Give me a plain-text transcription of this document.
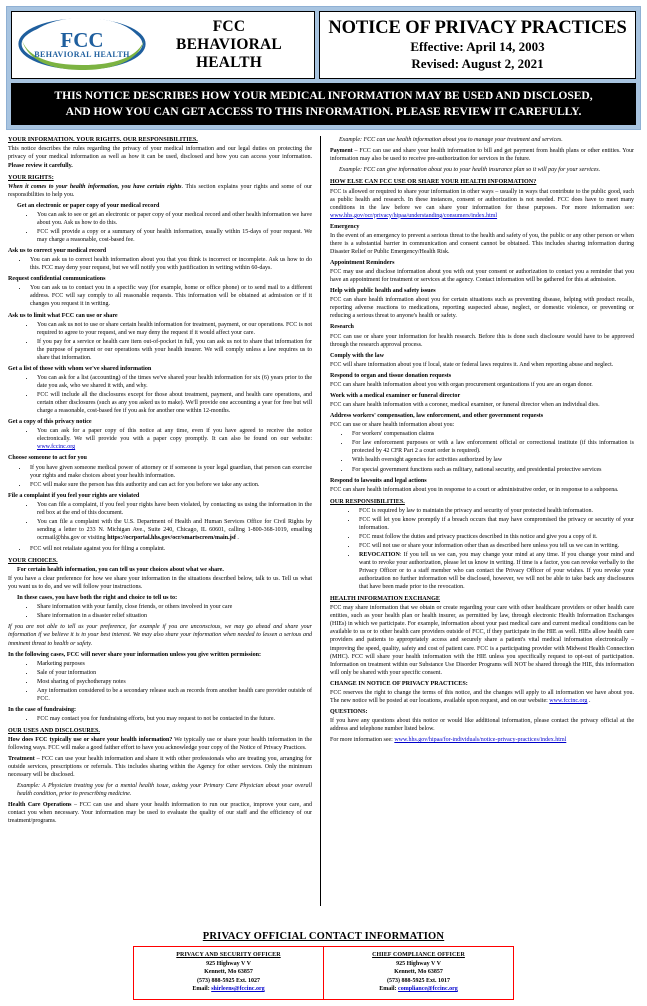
FCC
BEHAVIORAL HEALTH
FCC
BEHAVIORAL
HEALTH
NOTICE OF PRIVACY PRACTICES
Effective: April 14, 2003
Revised: August 2, 2021
THIS NOTICE DESCRIBES HOW YOUR MEDICAL INFORMATION MAY BE USED AND DISCLOSED,
AND HOW YOU CAN GET ACCESS TO THIS INFORMATION. PLEASE REVIEW IT CAREFULLY.
YOUR INFORMATION. YOUR RIGHTS. OUR RESPONSIBILITIES.

This notice describes the rules regarding the privacy of your medical information and our legal duties on protecting the privacy of your medical information as well as how it can be used, disclosed and how you can access your information. Please review it carefully.

YOUR RIGHTS:

When it comes to your health information, you have certain rights. This section explains your rights and some of our responsibilities to help you.

Get an electronic or paper copy of your medical record
• You can ask to see or get an electronic or paper copy of your medical record and other health information we have about you. Ask us how to do this.
• FCC will provide a copy or a summary of your health information, usually within 15-days of your request. We may charge a reasonable, cost-based fee.
Ask us to correct your medical record
• You can ask us to correct health information about you that you think is incorrect or incomplete. Ask us how to do this. FCC may deny your request, but we will notify you with justification in writing within 60-days.
Request confidential communications
• You can ask us to contact you in a specific way (for example, home or office phone) or to send mail to a different address. FCC will say comply to all reasonable requests. This information will be obtained at admission or if it changes you request it in writing.
Ask us to limit what FCC can use or share
• You can ask us not to use or share certain health information for treatment, payment, or our operations. FCC is not required to agree to your request, and we may deny the request if it would affect your care.
• If you pay for a service or health care item out-of-pocket in full, you can ask us not to share that information for the purpose of payment or our operations with your health insurer. We will comply unless a law requires us to share that information.
Get a list of those with whom we've shared information
• You can ask for a list (accounting) of the times we've shared your health information for six (6) years prior to the date you ask, who we shared it with, and why.
• FCC will include all the disclosures except for those about treatment, payment, and health care operations, and certain other disclosures (such as any you asked us to make). We'll provide one accounting a year for free but will charge a reasonable, cost-based fee if you ask for another one within 12-months.
Get a copy of this privacy notice
• You can ask for a paper copy of this notice at any time, even if you have agreed to receive the notice electronically. We will provide you with a paper copy promptly. It can also be found on our website: www.fccinc.org
Choose someone to act for you
• If you have given someone medical power of attorney or if someone is your legal guardian, that person can exercise your rights and make choices about your health information.
• FCC will make sure the person has this authority and can act for you before we take any action.
File a complaint if you feel your rights are violated
• You can file a complaint, if you feel your rights have been violated, by contacting us using the information in the red box at the end of this document.
• You can file a complaint with the U.S. Department of Health and Human Services Office for Civil Rights by sending a letter to 233 N. Michigan Ave., Suite 240, Chicago, IL 60601, calling 1-800-368-1019, emailing ocrmail@hhs.gov or visiting https://ocrportal.hhs.gov/ocr/smartscreen/main.jsf .
• FCC will not retaliate against you for filing a complaint.
YOUR CHOICES.

For certain health information, you can tell us your choices about what we share.

If you have a clear preference for how we share your information in the situations described below, talk to us. Tell us what you want us to do, and we will follow your instructions.

In these cases, you have both the right and choice to tell us to:
• Share information with your family, close friends, or others involved in your care
• Share information in a disaster relief situation

If you are not able to tell us your preference, for example if you are unconscious, we may go ahead and share your information if we believe it is in your best interest. We may also share your information when needed to lessen a serious and imminent threat to health or safety.

In the following cases, FCC will never share your information unless you give written permission:
• Marketing purposes
• Sale of your information
• Most sharing of psychotherapy notes
• Any information considered to be a secondary release such as records from another health care provider outside of FCC.
In the case of fundraising:
• FCC may contact you for fundraising efforts, but you may request to not be contacted in the future.
OUR USES AND DISCLOSURES.

How does FCC typically use or share your health information? We typically use or share your health information in the following ways. FCC will make a good faither effort to have you acknowledge your copy of the Notice of Privacy Practices.

Treatment – FCC can use your health information and share it with other professionals who are treating you, arranging for outside services, prescriptions or referrals. This includes sharing within the Agency for other services. Only the minimum necessary will be disclosed.

Example: A Physician treating you for a mental health issue, asking your Primary Care Physician about your overall health condition, prior to prescribing medicine.

Health Care Operations – FCC can use and share your health information to run our practice, improve your care, and contact you when necessary. Your information may be used to evaluate the quality of our staff and the efficiency of our treatment/programs.

Example: FCC can use health information about you to manage your treatment and services.

Payment – FCC can use and share your health information to bill and get payment from health plans or other entities. Your information may also be used to receive pre-authorization for services in the future.

Example: FCC can give information about you to your health insurance plan so it will pay for your services.
HOW ELSE CAN FCC USE OR SHARE YOUR HEALTH INFORMATION?

FCC is allowed or required to share your information in other ways – usually in ways that contribute to the public good, such as public health and research. In these instances, consent or authorization is not needed. FCC does have to meet many conditions in the law before we can share your information for these purposes. For more information see: www.hhs.gov/ocr/privacy/hipaa/understanding/consumers/index.html

Emergency

In the event of an emergency to prevent a serious threat to the health and safety of you, the public or any other person or when there is a substantial barrier in communication and consent cannot be obtained. This includes sharing information during Disaster Relief or Public Emergency/Health Risk.

Appointment Reminders

FCC may use and disclose information about you with out your consent or authorization to contact you a reminder that you have an appointment for treatment or services at the agency. Contact information will be gathered for this at admission.

Help with public health and safety issues

FCC can share health information about you for certain situations such as preventing disease, helping with product recalls, reporting adverse reactions to medications, reporting suspected abuse, neglect, or domestic violence, or preventing or reducing a serious threat to anyone's health or safety.

Research

FCC can use or share your information for health research. Before this is done such disclosure would have to be approved through the research approval process.

Comply with the law

FCC will share information about you if local, state or federal laws requires it. And when reporting abuse and neglect.

Respond to organ and tissue donation requests

FCC can share health information about you with organ procurement organizations if you are an organ donor.

Work with a medical examiner or funeral director

FCC can share health information with a coroner, medical examiner, or funeral director when an individual dies.

Address workers' compensation, law enforcement, and other government requests

FCC can use or share health information about you:

• For workers' compensation claims
• For law enforcement purposes or with a law enforcement official or correctional institute (if this information is protected by 42 CFR Part 2 a court order is required).
• With health oversight agencies for activities authorized by law
• For special government functions such as military, national security, and presidential protective services
Respond to lawsuits and legal actions

FCC can share health information about you in response to a court or administrative order, or in response to a subpoena.

OUR RESPONSIBILITIES.
• FCC is required by law to maintain the privacy and security of your protected health information.
• FCC will let you know promptly if a breach occurs that may have compromised the privacy or security of your information.
• FCC must follow the duties and privacy practices described in this notice and give you a copy of it.
• FCC will not use or share your information other than as described here unless you tell us we can in writing.
• REVOCATION: If you tell us we can, you may change your mind at any time. If you change your mind and want to revoke your authorization, please let us know in writing. If time is a factor, you can revoke verbally to the Privacy Officer or to a staff member who can contact the Privacy Officer of your wishes. If you revoke your authorization no further information will be disclosed, however, we will not be able to take back any disclosures that have been made prior to the revocation.
HEALTH INFORMATION EXCHANGE

FCC may share information that we obtain or create regarding your care with other healthcare providers or other health care entities, such as your health plan or health insurer, as permitted by law, through electronic Health Information Exchanges (HIEs) in which we participate. For example, information about your past medical care and current medical conditions can be available to us or to other health care providers outside of FCC, if they participate in the HIE as well. HIEs allow health care providers and patients to appropriately access and securely share a patient's vital medical information electronically – improving the speed, quality, safety and cost of patient care. FCC is a participating provider with Midwest Health Connection (MHC). FCC will share your health information with the HIE unless you specifically request to opt-out of participation. Information on treatment within our Substance Use Disorder Programs will NOT be shared through the HIE, this information will only be shared with your specific consent.

CHANGE IN NOTICE OF PRIVACY PRACTICES:

FCC reserves the right to change the terms of this notice, and the changes will apply to all information we have about you. The new notice will be posted at our locations, available upon request, and on our website: www.fccinc.org .

QUESTIONS:

If you have any questions about this notice or would like additional information, please contact the privacy official at the address and telephone number listed below.

For more information see: www.hhs.gov/hipaa/for-individuals/notice-privacy-practices/index.html

PRIVACY OFFICIAL CONTACT INFORMATION
PRIVACY AND SECURITY OFFICER
925 Highway V V
Kennett, Mo 63857
(573) 888-5925 Ext. 1027
Email: shirleens@fccinc.org
CHIEF COMPLIANCE OFFICER
925 Highway V V
Kennett, Mo 63857
(573) 888-5925 Ext. 1017
Email: compliance@fccinc.org
